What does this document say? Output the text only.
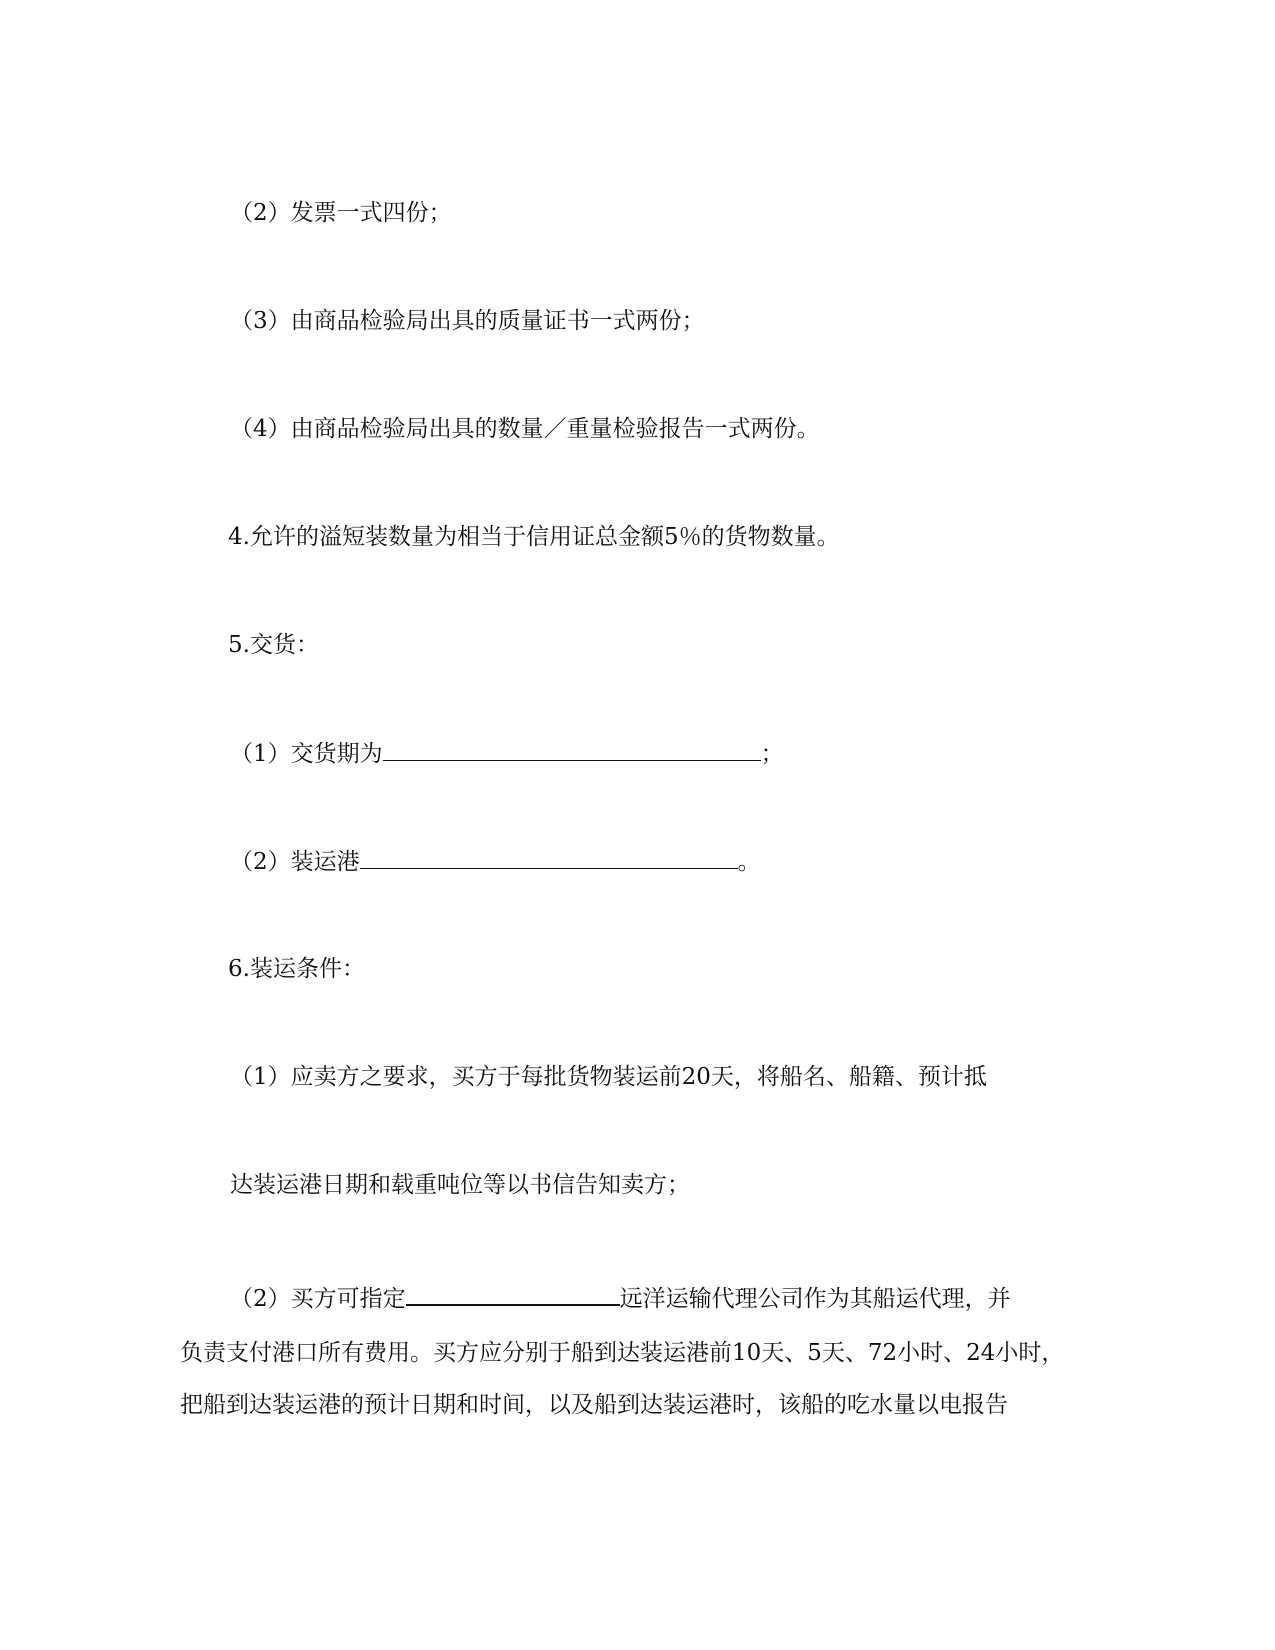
（2）发票一式四份；
（3）由商品检验局出具的质量证书一式两份；
（4）由商品检验局出具的数量／重量检验报告一式两份。
4.允许的溢短装数量为相当于信用证总金额5％的货物数量。
5.交货：
（1）交货期为	；
（2）装运港	。
6.装运条件：
（1）应卖方之要求，买方于每批货物装运前20天，将船名、船籍、预计抵
达装运港日期和载重吨位等以书信告知卖方；
（2）买方可指定	远洋运输代理公司作为其船运代理，并
负责支付港口所有费用。买方应分别于船到达装运港前10天、5天、72小时、24小时，
把船到达装运港的预计日期和时间，以及船到达装运港时，该船的吃水量以电报告
